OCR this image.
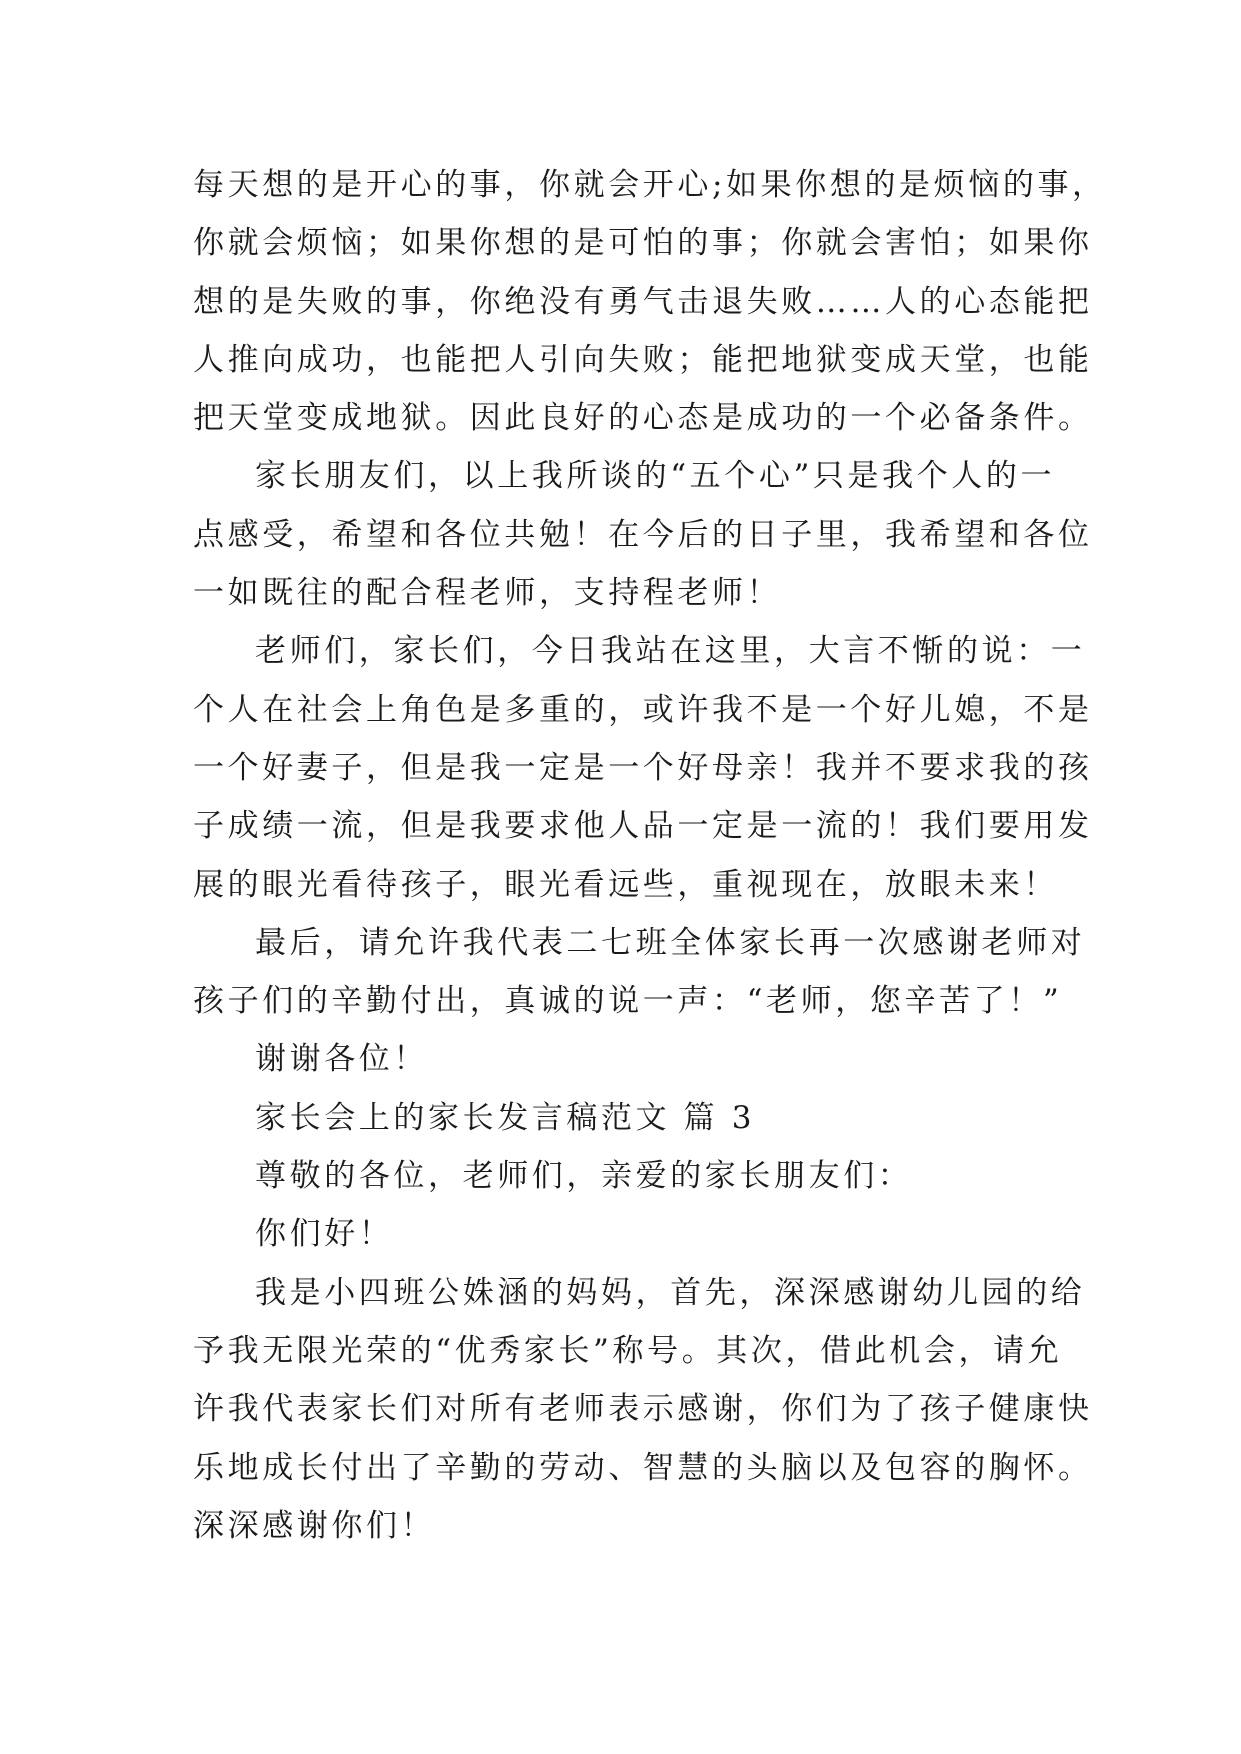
每天想的是开心的事，你就会开心;如果你想的是烦恼的事，
你就会烦恼；如果你想的是可怕的事；你就会害怕；如果你
想的是失败的事，你绝没有勇气击退失败……人的心态能把
人推向成功，也能把人引向失败；能把地狱变成天堂，也能
把天堂变成地狱。因此良好的心态是成功的一个必备条件。

家长朋友们，以上我所谈的“五个心”只是我个人的一
点感受，希望和各位共勉！在今后的日子里，我希望和各位
一如既往的配合程老师，支持程老师！

老师们，家长们，今日我站在这里，大言不惭的说：一
个人在社会上角色是多重的，或许我不是一个好儿媳，不是
一个好妻子，但是我一定是一个好母亲！我并不要求我的孩
子成绩一流，但是我要求他人品一定是一流的！我们要用发
展的眼光看待孩子，眼光看远些，重视现在，放眼未来！

最后，请允许我代表二七班全体家长再一次感谢老师对
孩子们的辛勤付出，真诚的说一声：“老师，您辛苦了！”

谢谢各位！

家长会上的家长发言稿范文 篇 3

尊敬的各位，老师们，亲爱的家长朋友们：

你们好！

我是小四班公姝涵的妈妈，首先，深深感谢幼儿园的给
予我无限光荣的“优秀家长”称号。其次，借此机会，请允
许我代表家长们对所有老师表示感谢，你们为了孩子健康快
乐地成长付出了辛勤的劳动、智慧的头脑以及包容的胸怀。
深深感谢你们！
